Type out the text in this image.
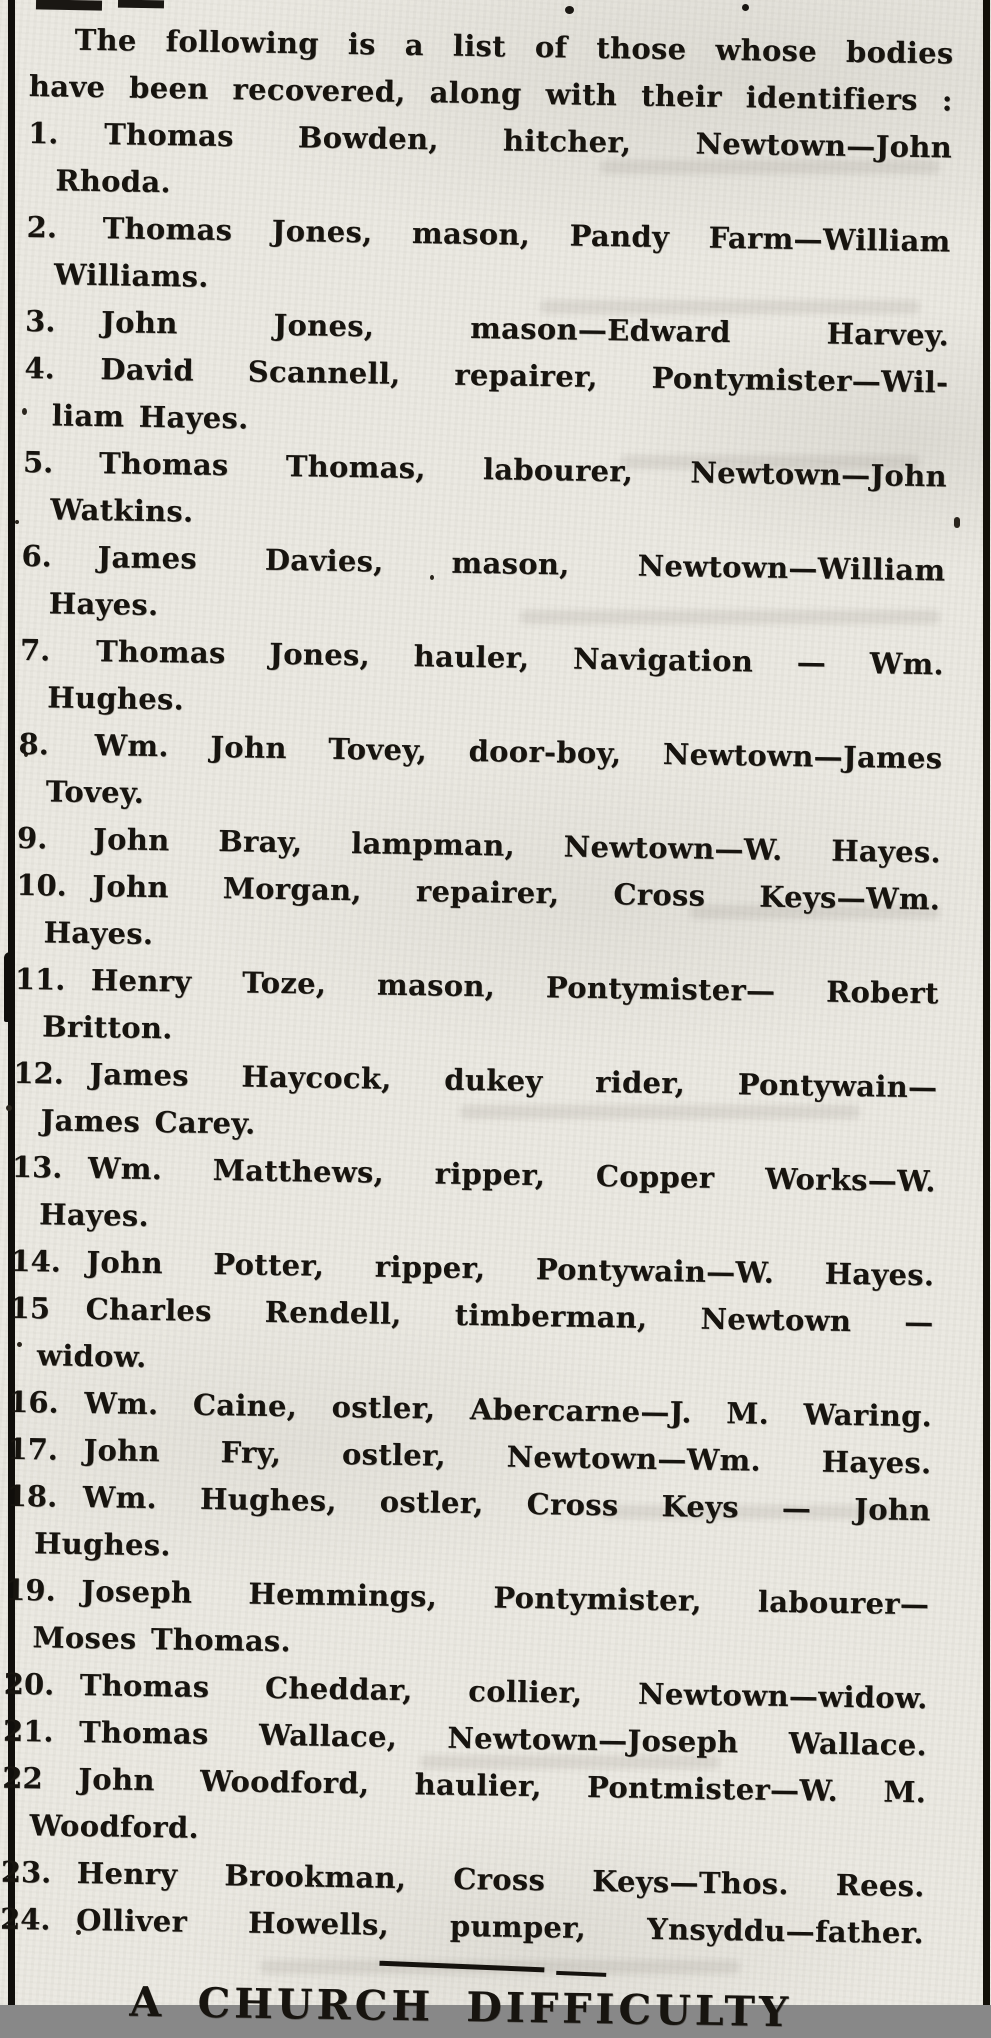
The following is a list of those whose bodies

have been recovered, along with their identifiers :

1.	Thomas Bowden, hitcher, Newtown—John
Rhoda.
2.	Thomas Jones, mason, Pandy Farm—William
Williams.
3.	John Jones, mason—Edward Harvey.
4.	David Scannell, repairer, Pontymister—Wil-
liam Hayes.
5.	Thomas Thomas, labourer, Newtown—John
Watkins.
6.	James Davies, mason, Newtown—William
Hayes.
7.	Thomas Jones, hauler, Navigation — Wm.
Hughes.
8.	Wm. John Tovey, door-boy, Newtown—James
Tovey.
9.	John Bray, lampman, Newtown—W. Hayes.
10. John Morgan, repairer, Cross Keys—Wm.
Hayes.
11. Henry Toze, mason, Pontymister— Robert
Britton.
12. James Haycock, dukey rider, Pontywain—
James Carey.
13. Wm. Matthews, ripper, Copper Works—W.
Hayes.
14. John Potter, ripper, Pontywain—W. Hayes.
15	Charles Rendell, timberman, Newtown —
widow.
16. Wm. Caine, ostler, Abercarne—J. M. Waring.
17. John Fry, ostler, Newtown—Wm. Hayes.
18. Wm. Hughes, ostler, Cross Keys — John
Hughes.
19. Joseph Hemmings, Pontymister, labourer—
Moses Thomas.
20. Thomas Cheddar, collier, Newtown—widow.
21. Thomas Wallace, Newtown—Joseph Wallace.
22	John Woodford, haulier, Pontmister—W. M.
Woodford.
23. Henry Brookman, Cross Keys—Thos. Rees.
24. Olliver Howells, pumper, Ynsyddu—father.
A CHURCH DIFFICULTY
